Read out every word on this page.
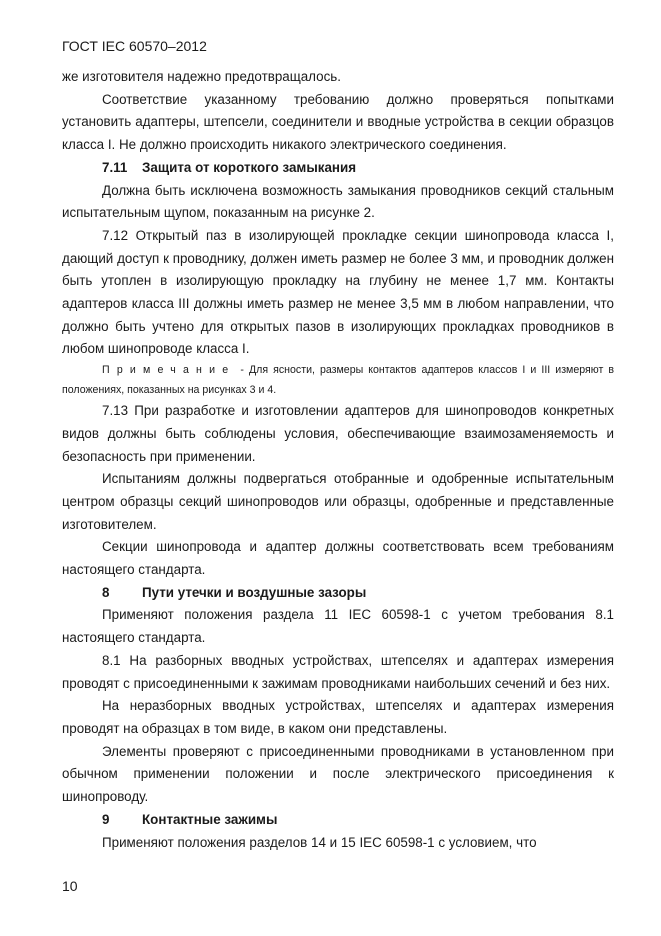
ГОСТ IEC 60570–2012

же изготовителя надежно предотвращалось.

Соответствие указанному требованию должно проверяться попытками установить адаптеры, штепсели, соединители и вводные устройства в секции образцов класса I. Не должно происходить никакого электрического соединения.

7.11 Защита от короткого замыкания

Должна быть исключена возможность замыкания проводников секций стальным испытательным щупом, показанным на рисунке 2.

7.12 Открытый паз в изолирующей прокладке секции шинопровода класса I, дающий доступ к проводнику, должен иметь размер не более 3 мм, и проводник должен быть утоплен в изолирующую прокладку на глубину не менее 1,7 мм. Контакты адаптеров класса III должны иметь размер не менее 3,5 мм в любом направлении, что должно быть учтено для открытых пазов в изолирующих прокладках проводников в любом шинопроводе класса I.

Примечание - Для ясности, размеры контактов адаптеров классов I и III измеряют в положениях, показанных на рисунках 3 и 4.

7.13 При разработке и изготовлении адаптеров для шинопроводов конкретных видов должны быть соблюдены условия, обеспечивающие взаимозаменяемость и безопасность при применении.

Испытаниям должны подвергаться отобранные и одобренные испытательным центром образцы секций шинопроводов или образцы, одобренные и представленные изготовителем.

Секции шинопровода и адаптер должны соответствовать всем требованиям настоящего стандарта.

8 Пути утечки и воздушные зазоры

Применяют положения раздела 11 IEC 60598-1 с учетом требования 8.1 настоящего стандарта.

8.1 На разборных вводных устройствах, штепселях и адаптерах измерения проводят с присоединенными к зажимам проводниками наибольших сечений и без них.

На неразборных вводных устройствах, штепселях и адаптерах измерения проводят на образцах в том виде, в каком они представлены.

Элементы проверяют с присоединенными проводниками в установленном при обычном применении положении и после электрического присоединения к шинопроводу.

9 Контактные зажимы

Применяют положения разделов 14 и 15 IEC 60598-1 с условием, что

10
